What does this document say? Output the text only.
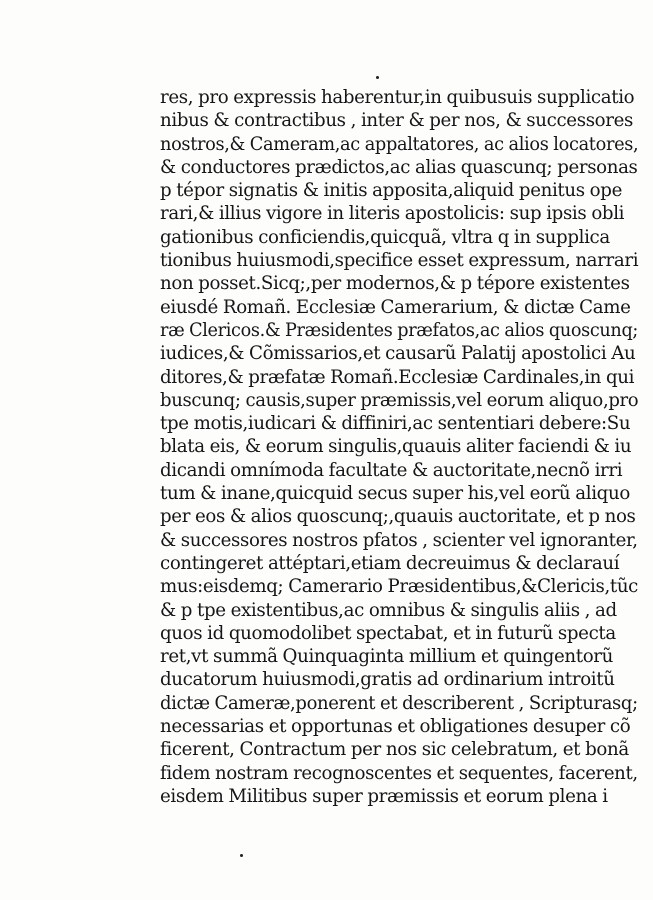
res, pro expressis haberentur,in quibusuis supplicatio
nibus & contractibus , inter & per nos, & successores
nostros,& Cameram,ac appaltatores, ac alios locatores,
& conductores prædictos,ac alias quascunq; personas
p tépor signatis & initis apposita,aliquid penitus ope
rari,& illius vigore in literis apostolicis: sup ipsis obli
gationibus conficiendis,quicquã, vltra q in supplica
tionibus huiusmodi,specifice esset expressum, narrari
non posset.Sicq;,per modernos,& p tépore existentes
eiusdé Romañ. Ecclesiæ Camerarium, & dictæ Came
ræ Clericos.& Præsidentes præfatos,ac alios quoscunq;
iudices,& Cõmissarios,et causarũ Palatij apostolici Au
ditores,& præfatæ Romañ.Ecclesiæ Cardinales,in qui
buscunq; causis,super præmissis,vel eorum aliquo,pro
tpe motis,iudicari & diffiniri,ac sententiari debere:Su
blata eis, & eorum singulis,quauis aliter faciendi & iu
dicandi omnímoda facultate & auctoritate,necnõ irri
tum & inane,quicquid secus super his,vel eorũ aliquo
per eos & alios quoscunq;,quauis auctoritate, et p nos
& successores nostros pfatos , scienter vel ignoranter,
contingeret attéptari,etiam decreuimus & declarauí
mus:eisdemq; Camerario Præsidentibus,&Clericis,tũc
& p tpe existentibus,ac omnibus & singulis aliis , ad
quos id quomodolibet spectabat, et in futurũ specta
ret,vt summã Quinquaginta millium et quingentorũ
ducatorum huiusmodi,gratis ad ordinarium introitũ
dictæ Cameræ,ponerent et describerent , Scripturasq;
necessarias et opportunas et obligationes desuper cõ
ficerent, Contractum per nos sic celebratum, et bonã
fidem nostram recognoscentes et sequentes, facerent,
eisdem Militibus super præmissis et eorum plena i
